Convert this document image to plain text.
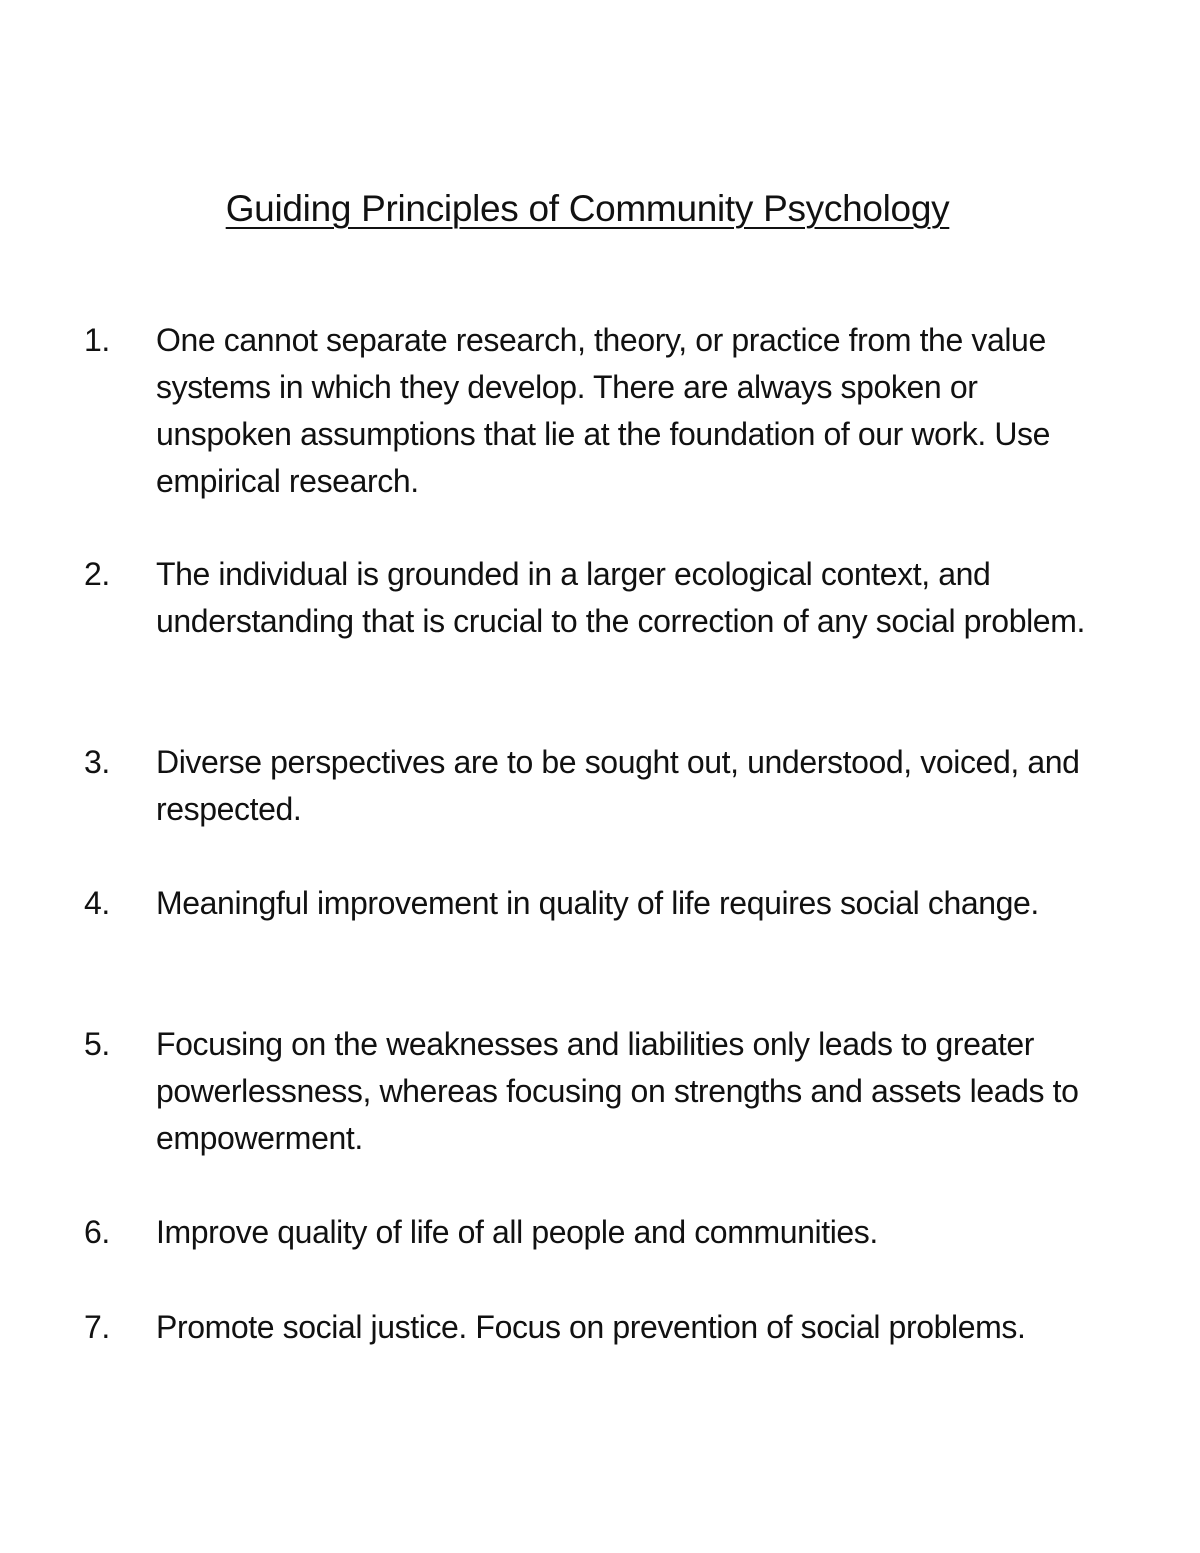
Guiding Principles of Community Psychology
1.	One cannot separate research, theory, or practice from the value systems in which they develop. There are always spoken or unspoken assumptions that lie at the foundation of our work. Use empirical research.
2.	The individual is grounded in a larger ecological context, and understanding that is crucial to the correction of any social problem.
3.	Diverse perspectives are to be sought out, understood, voiced, and respected.
4.	Meaningful improvement in quality of life requires social change.
5.	Focusing on the weaknesses and liabilities only leads to greater powerlessness, whereas focusing on strengths and assets leads to empowerment.
6.	Improve quality of life of all people and communities.
7.	Promote social justice. Focus on prevention of social problems.
